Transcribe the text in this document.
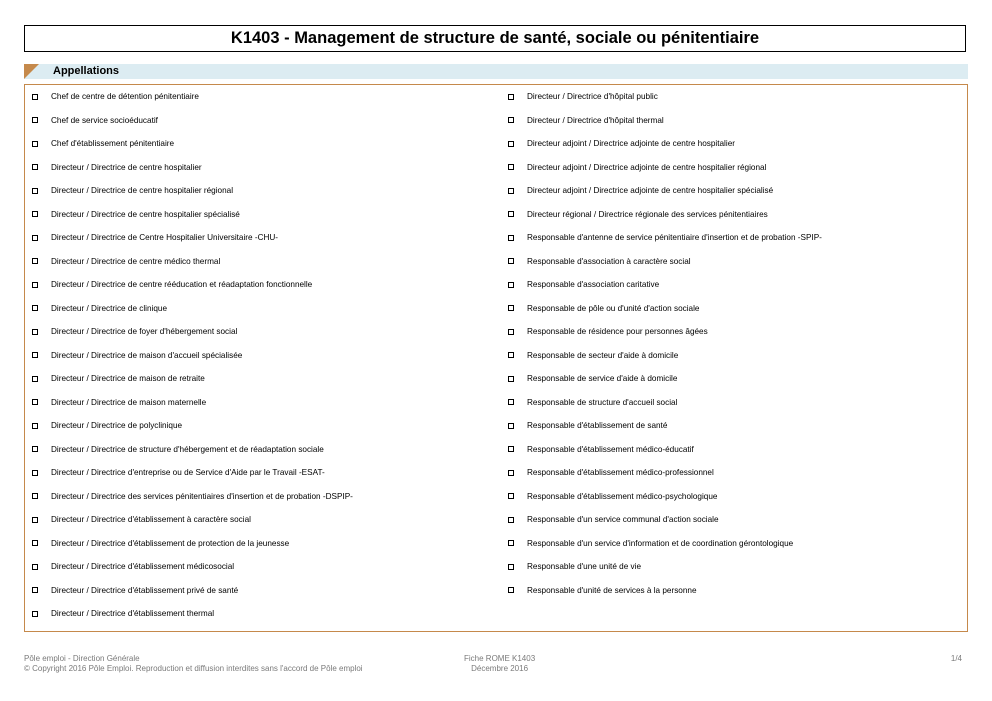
K1403 - Management de structure de santé, sociale ou pénitentiaire
Appellations
Chef de centre de détention pénitentiaire
Chef de service socioéducatif
Chef d'établissement pénitentiaire
Directeur / Directrice de centre hospitalier
Directeur / Directrice de centre hospitalier régional
Directeur / Directrice de centre hospitalier spécialisé
Directeur / Directrice de Centre Hospitalier Universitaire -CHU-
Directeur / Directrice de centre médico thermal
Directeur / Directrice de centre rééducation et réadaptation fonctionnelle
Directeur / Directrice de clinique
Directeur / Directrice de foyer d'hébergement social
Directeur / Directrice de maison d'accueil spécialisée
Directeur / Directrice de maison de retraite
Directeur / Directrice de maison maternelle
Directeur / Directrice de polyclinique
Directeur / Directrice de structure d'hébergement et de réadaptation sociale
Directeur / Directrice d'entreprise ou de Service d'Aide par le Travail -ESAT-
Directeur / Directrice des services pénitentiaires d'insertion et de probation -DSPIP-
Directeur / Directrice d'établissement à caractère social
Directeur / Directrice d'établissement de protection de la jeunesse
Directeur / Directrice d'établissement médicosocial
Directeur / Directrice d'établissement privé de santé
Directeur / Directrice d'établissement thermal
Directeur / Directrice d'hôpital public
Directeur / Directrice d'hôpital thermal
Directeur adjoint / Directrice adjointe de centre hospitalier
Directeur adjoint / Directrice adjointe de centre hospitalier régional
Directeur adjoint / Directrice adjointe de centre hospitalier spécialisé
Directeur régional / Directrice régionale des services pénitentiaires
Responsable d'antenne de service pénitentiaire d'insertion et de probation -SPIP-
Responsable d'association à caractère social
Responsable d'association caritative
Responsable de pôle ou d'unité d'action sociale
Responsable de résidence pour personnes âgées
Responsable de secteur d'aide à domicile
Responsable de service d'aide à domicile
Responsable de structure d'accueil social
Responsable d'établissement de santé
Responsable d'établissement médico-éducatif
Responsable d'établissement médico-professionnel
Responsable d'établissement médico-psychologique
Responsable d'un service communal d'action sociale
Responsable d'un service d'information et de coordination gérontologique
Responsable d'une unité de vie
Responsable d'unité de services à la personne
Pôle emploi - Direction Générale
© Copyright 2016 Pôle Emploi. Reproduction et diffusion interdites sans l'accord de Pôle emploi
Fiche ROME K1403
Décembre 2016
1/4
